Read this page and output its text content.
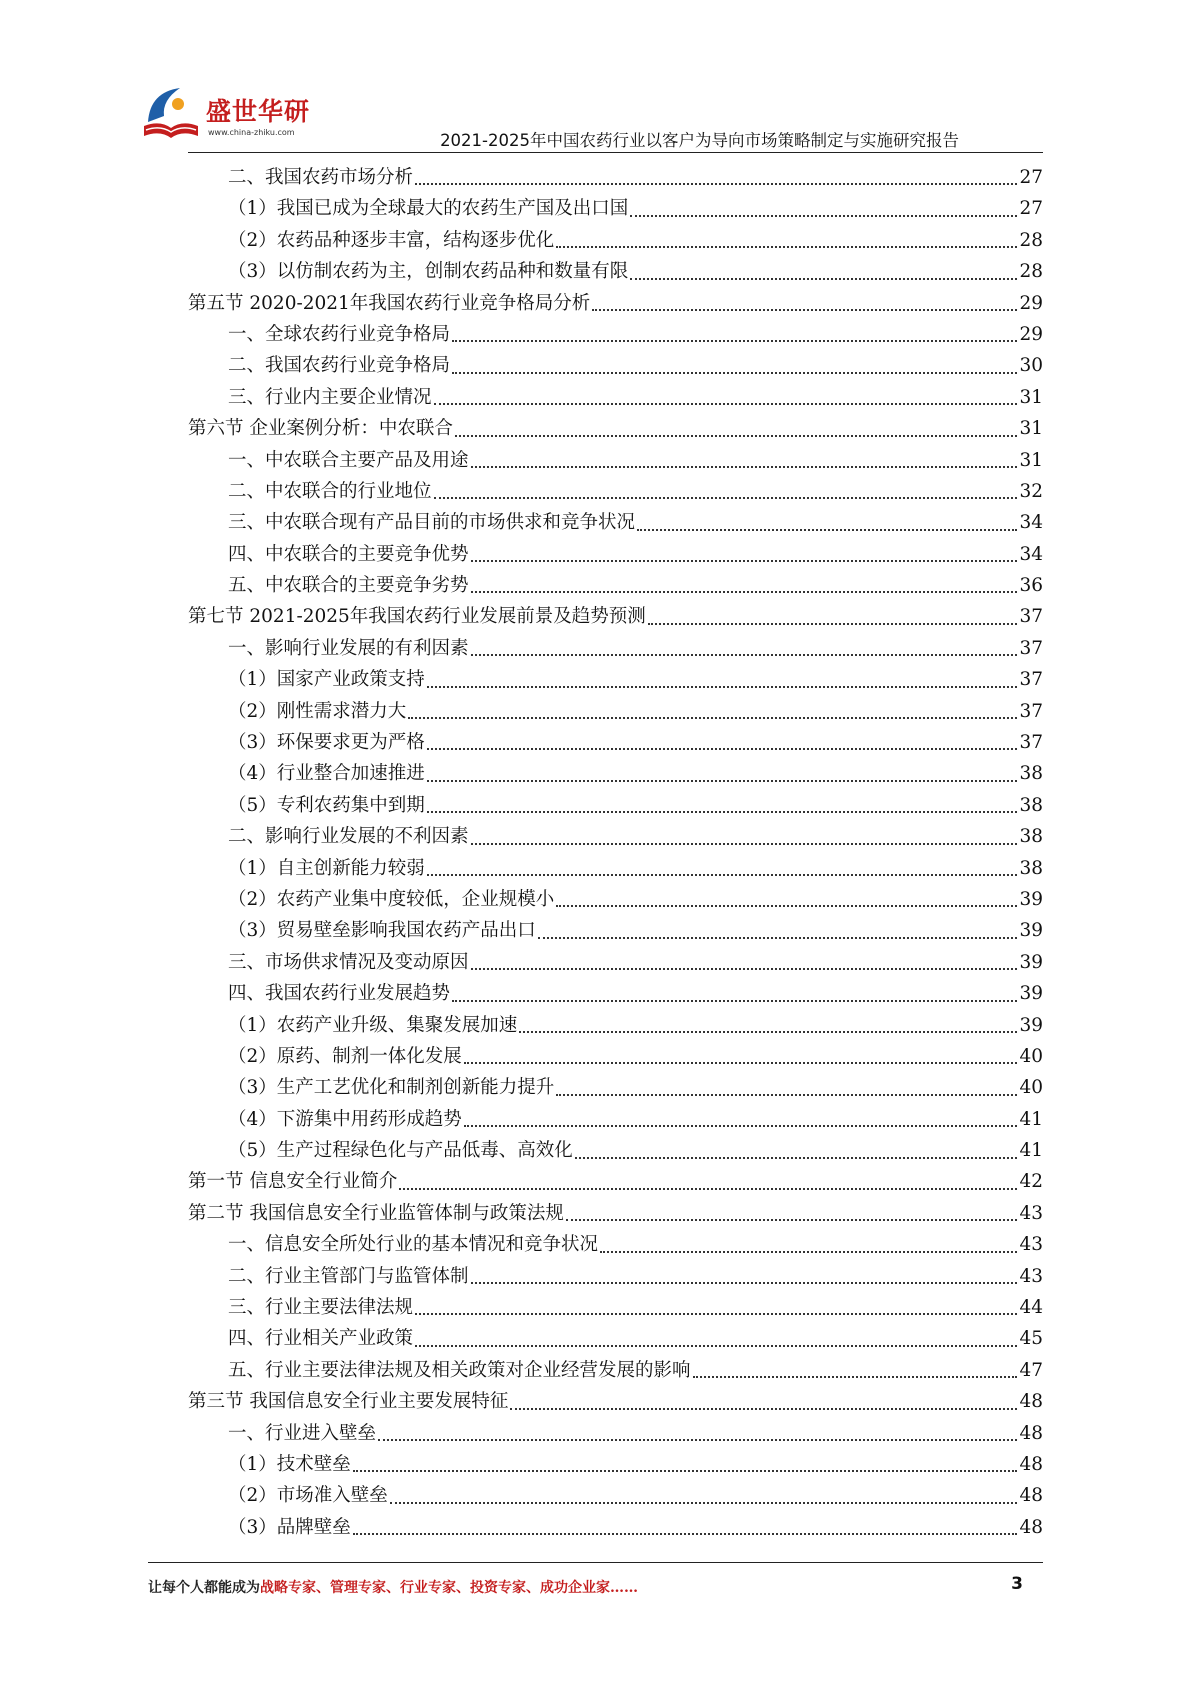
盛世华研
www.china-zhiku.com	2021-2025年中国农药行业以客户为导向市场策略制定与实施研究报告
二、我国农药市场分析	27
（1）我国已成为全球最大的农药生产国及出口国	27
（2）农药品种逐步丰富，结构逐步优化	28
（3）以仿制农药为主，创制农药品种和数量有限	28
第五节 2020-2021年我国农药行业竞争格局分析	29
一、全球农药行业竞争格局	29
二、我国农药行业竞争格局	30
三、行业内主要企业情况	31
第六节 企业案例分析：中农联合	31
一、中农联合主要产品及用途	31
二、中农联合的行业地位	32
三、中农联合现有产品目前的市场供求和竞争状况	34
四、中农联合的主要竞争优势	34
五、中农联合的主要竞争劣势	36
第七节 2021-2025年我国农药行业发展前景及趋势预测	37
一、影响行业发展的有利因素	37
（1）国家产业政策支持	37
（2）刚性需求潜力大	37
（3）环保要求更为严格	37
（4）行业整合加速推进	38
（5）专利农药集中到期	38
二、影响行业发展的不利因素	38
（1）自主创新能力较弱	38
（2）农药产业集中度较低，企业规模小	39
（3）贸易壁垒影响我国农药产品出口	39
三、市场供求情况及变动原因	39
四、我国农药行业发展趋势	39
（1）农药产业升级、集聚发展加速	39
（2）原药、制剂一体化发展	40
（3）生产工艺优化和制剂创新能力提升	40
（4）下游集中用药形成趋势	41
（5）生产过程绿色化与产品低毒、高效化	41
第一节 信息安全行业简介	42
第二节 我国信息安全行业监管体制与政策法规	43
一、信息安全所处行业的基本情况和竞争状况	43
二、行业主管部门与监管体制	43
三、行业主要法律法规	44
四、行业相关产业政策	45
五、行业主要法律法规及相关政策对企业经营发展的影响	47
第三节 我国信息安全行业主要发展特征	48
一、行业进入壁垒	48
（1）技术壁垒	48
（2）市场准入壁垒	48
（3）品牌壁垒	48
让每个人都能成为战略专家、管理专家、行业专家、投资专家、成功企业家……	3
